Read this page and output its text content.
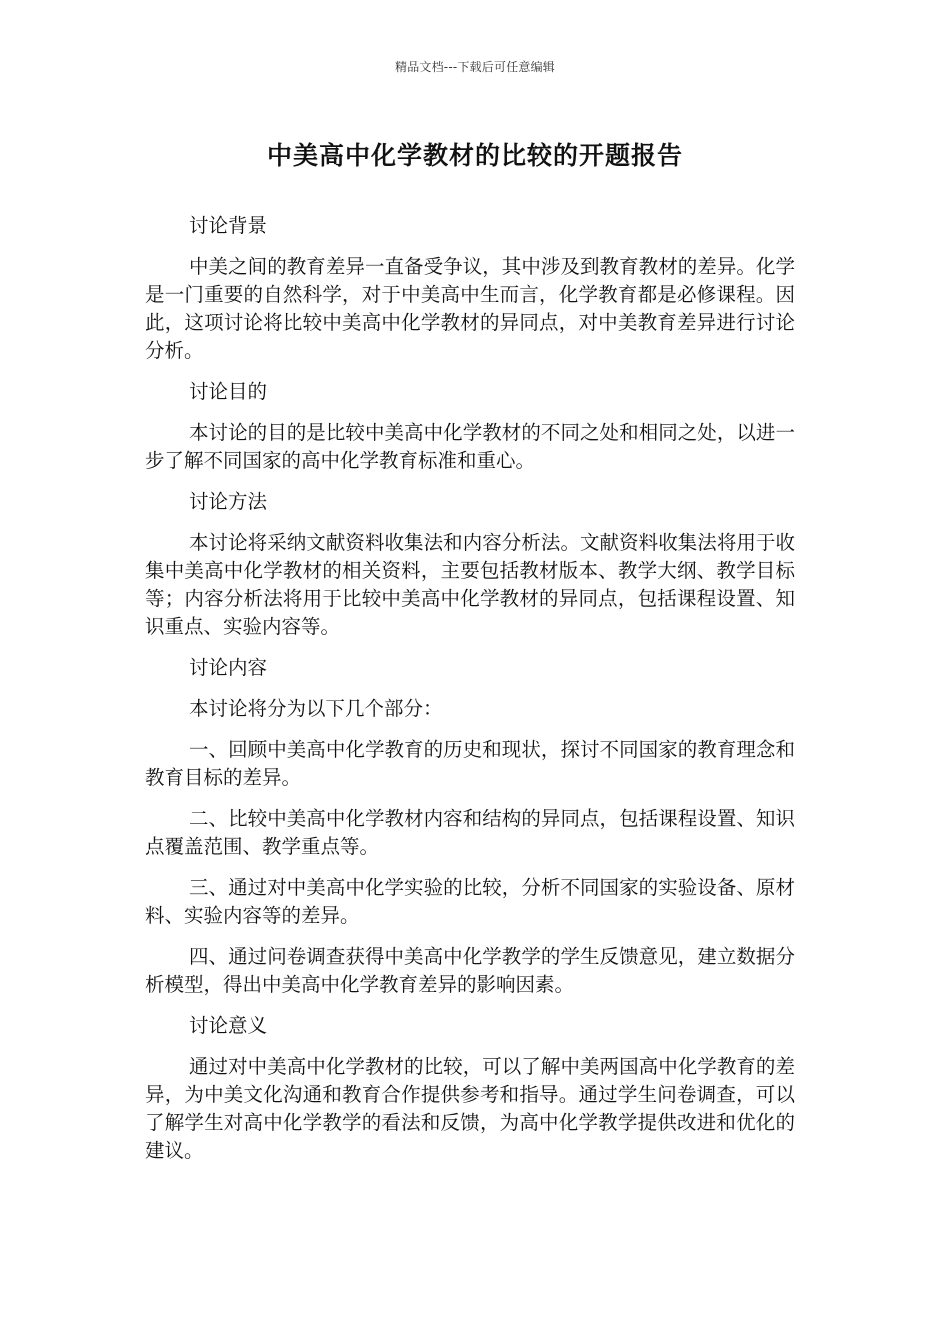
精品文档---下载后可任意编辑
中美高中化学教材的比较的开题报告

讨论背景

中美之间的教育差异一直备受争议，其中涉及到教育教材的差异。化学是一门重要的自然科学，对于中美高中生而言，化学教育都是必修课程。因此，这项讨论将比较中美高中化学教材的异同点，对中美教育差异进行讨论分析。

讨论目的

本讨论的目的是比较中美高中化学教材的不同之处和相同之处，以进一步了解不同国家的高中化学教育标准和重心。

讨论方法

本讨论将采纳文献资料收集法和内容分析法。文献资料收集法将用于收集中美高中化学教材的相关资料，主要包括教材版本、教学大纲、教学目标等；内容分析法将用于比较中美高中化学教材的异同点，包括课程设置、知识重点、实验内容等。

讨论内容

本讨论将分为以下几个部分：

一、回顾中美高中化学教育的历史和现状，探讨不同国家的教育理念和教育目标的差异。

二、比较中美高中化学教材内容和结构的异同点，包括课程设置、知识点覆盖范围、教学重点等。

三、通过对中美高中化学实验的比较，分析不同国家的实验设备、原材料、实验内容等的差异。

四、通过问卷调查获得中美高中化学教学的学生反馈意见，建立数据分析模型，得出中美高中化学教育差异的影响因素。

讨论意义

通过对中美高中化学教材的比较，可以了解中美两国高中化学教育的差异，为中美文化沟通和教育合作提供参考和指导。通过学生问卷调查，可以了解学生对高中化学教学的看法和反馈，为高中化学教学提供改进和优化的建议。
